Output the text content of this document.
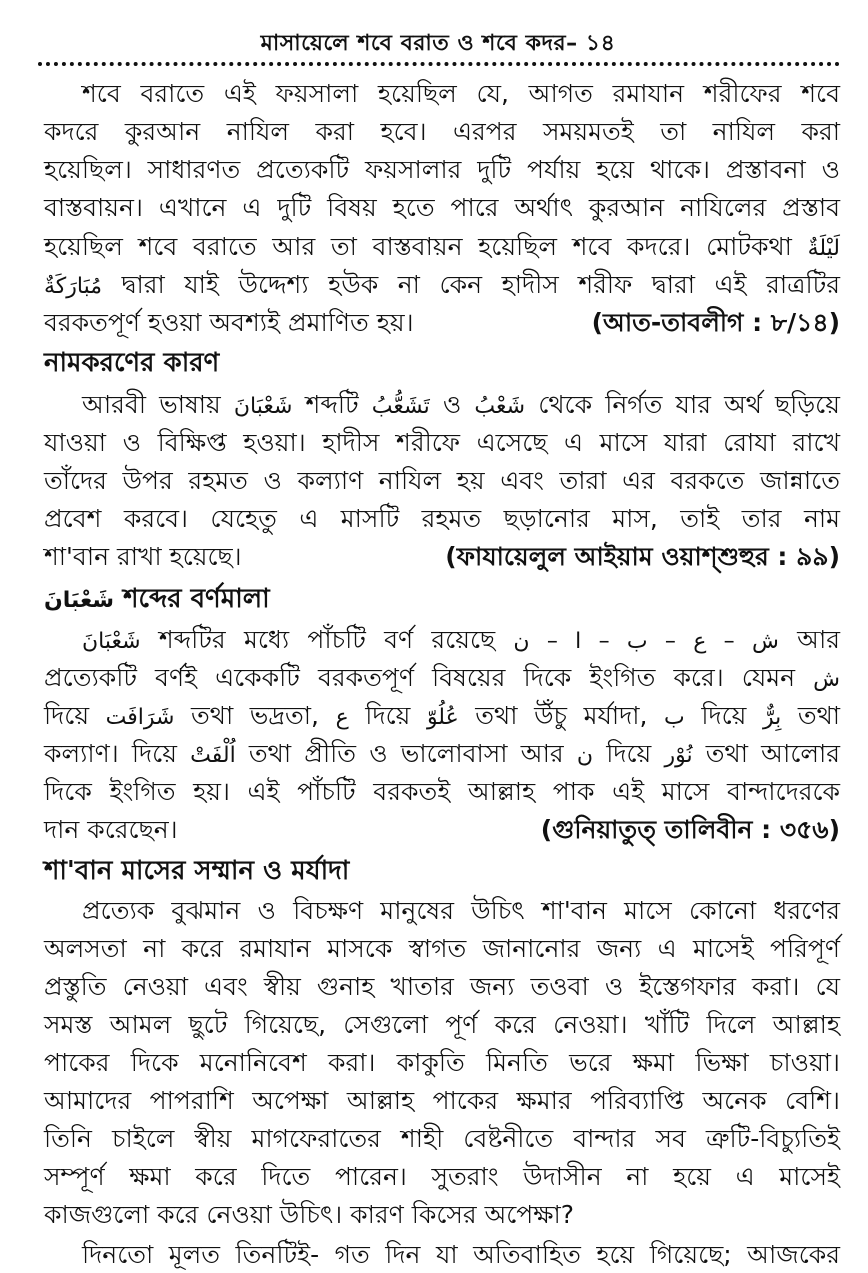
মাসায়েলে শবে বরাত ও শবে কদর– ১৪
শবে বরাতে এই ফয়সালা হয়েছিল যে, আগত রমাযান শরীফের শবে
কদরে কুরআন নাযিল করা হবে। এরপর সময়মতই তা নাযিল করা
হয়েছিল। সাধারণত প্রত্যেকটি ফয়সালার দুটি পর্যায় হয়ে থাকে। প্রস্তাবনা ও
বাস্তবায়ন। এখানে এ দুটি বিষয় হতে পারে অর্থাৎ কুরআন নাযিলের প্রস্তাব
হয়েছিল শবে বরাতে আর তা বাস্তবায়ন হয়েছিল শবে কদরে। মোটকথা لَيْلَةٌ
مُبَارَكَةٌ দ্বারা যাই উদ্দেশ্য হউক না কেন হাদীস শরীফ দ্বারা এই রাত্রটির
বরকতপূর্ণ হওয়া অবশ্যই প্রমাণিত হয়।	(আত-তাবলীগ : ৮/১৪)
নামকরণের কারণ
আরবী ভাষায় شَعْبَانَ শব্দটি تَشَعُّبُ ও شَعْبُ থেকে নির্গত যার অর্থ ছড়িয়ে
যাওয়া ও বিক্ষিপ্ত হওয়া। হাদীস শরীফে এসেছে এ মাসে যারা রোযা রাখে
তাঁদের উপর রহমত ও কল্যাণ নাযিল হয় এবং তারা এর বরকতে জান্নাতে
প্রবেশ করবে। যেহেতু এ মাসটি রহমত ছড়ানোর মাস, তাই তার নাম
শা'বান রাখা হয়েছে।	(ফাযায়েলুল আইয়াম ওয়াশ্শুহুর : ৯৯)
شَعْبَانَ শব্দের বর্ণমালা
شَعْبَانَ শব্দটির মধ্যে পাঁচটি বর্ণ রয়েছে ش – ع – ب – ا – ن আর
প্রত্যেকটি বর্ণই একেকটি বরকতপূর্ণ বিষয়ের দিকে ইংগিত করে। যেমন ش
দিয়ে شَرَافَت তথা ভদ্রতা, ع দিয়ে عُلُوّ তথা উঁচু মর্যাদা, ب দিয়ে بِرٌّ তথা
কল্যাণ। দিয়ে اُلْفَتْ তথা প্রীতি ও ভালোবাসা আর ن দিয়ে نُوْر তথা আলোর
দিকে ইংগিত হয়। এই পাঁচটি বরকতই আল্লাহ পাক এই মাসে বান্দাদেরকে
দান করেছেন।	(গুনিয়াতুত্ তালিবীন : ৩৫৬)
শা'বান মাসের সম্মান ও মর্যাদা
প্রত্যেক বুঝমান ও বিচক্ষণ মানুষের উচিৎ শা'বান মাসে কোনো ধরণের
অলসতা না করে রমাযান মাসকে স্বাগত জানানোর জন্য এ মাসেই পরিপূর্ণ
প্রস্তুতি নেওয়া এবং স্বীয় গুনাহ খাতার জন্য তওবা ও ইস্তেগফার করা। যে
সমস্ত আমল ছুটে গিয়েছে, সেগুলো পূর্ণ করে নেওয়া। খাঁটি দিলে আল্লাহ
পাকের দিকে মনোনিবেশ করা। কাকুতি মিনতি ভরে ক্ষমা ভিক্ষা চাওয়া।
আমাদের পাপরাশি অপেক্ষা আল্লাহ পাকের ক্ষমার পরিব্যাপ্তি অনেক বেশি।
তিনি চাইলে স্বীয় মাগফেরাতের শাহী বেষ্টনীতে বান্দার সব ত্রুটি-বিচ্যুতিই
সম্পূর্ণ ক্ষমা করে দিতে পারেন। সুতরাং উদাসীন না হয়ে এ মাসেই
কাজগুলো করে নেওয়া উচিৎ। কারণ কিসের অপেক্ষা?
দিনতো মূলত তিনটিই- গত দিন যা অতিবাহিত হয়ে গিয়েছে; আজকের
